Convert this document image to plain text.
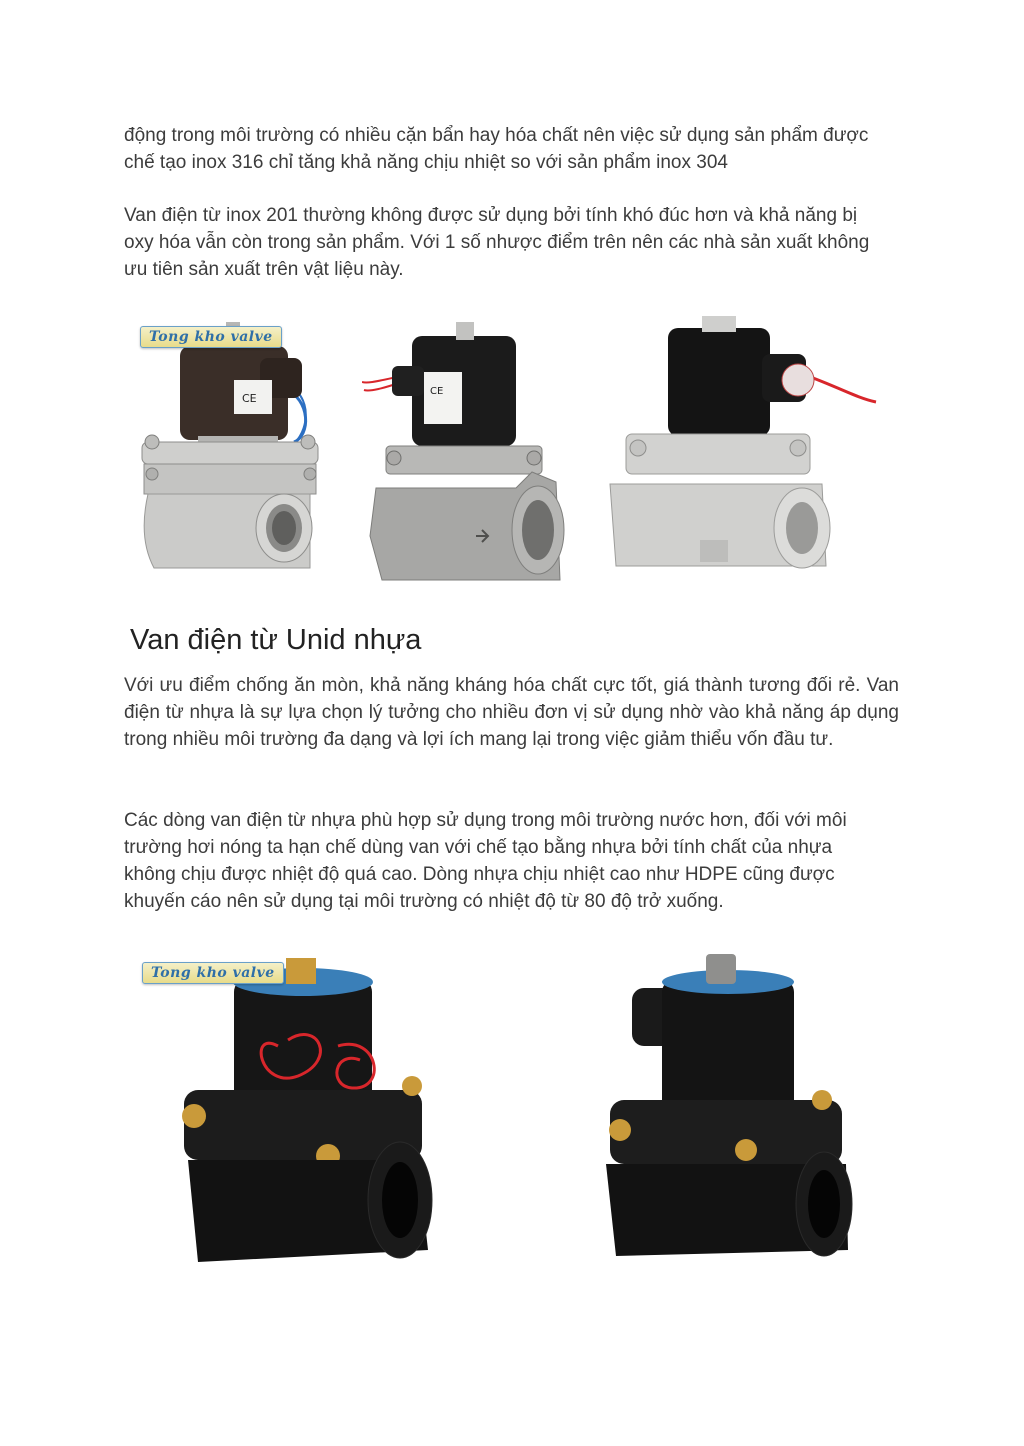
động trong môi trường có nhiều cặn bẩn hay hóa chất nên việc sử dụng sản phẩm được
chế tạo inox 316 chỉ tăng khả năng chịu nhiệt so với sản phẩm inox 304

Van điện từ inox 201 thường không được sử dụng bởi tính khó đúc hơn và khả năng bị
oxy hóa vẫn còn trong sản phẩm. Với 1 số nhược điểm trên nên các nhà sản xuất không
ưu tiên sản xuất trên vật liệu này.

CE
Tong kho valve
CE
Van điện từ Unid nhựa

Với ưu điểm chống ăn mòn, khả năng kháng hóa chất cực tốt, giá thành tương đối rẻ. Van điện từ nhựa là sự lựa chọn lý tưởng cho nhiều đơn vị sử dụng nhờ vào khả năng áp dụng trong nhiều môi trường đa dạng và lợi ích mang lại trong việc giảm thiểu vốn đầu tư.

Các dòng van điện từ nhựa phù hợp sử dụng trong môi trường nước hơn, đối với môi
trường hơi nóng ta hạn chế dùng van với chế tạo bằng nhựa bởi tính chất của nhựa
không chịu được nhiệt độ quá cao. Dòng nhựa chịu nhiệt cao như HDPE cũng được
khuyến cáo nên sử dụng tại môi trường có nhiệt độ từ 80 độ trở xuống.

Tong kho valve
